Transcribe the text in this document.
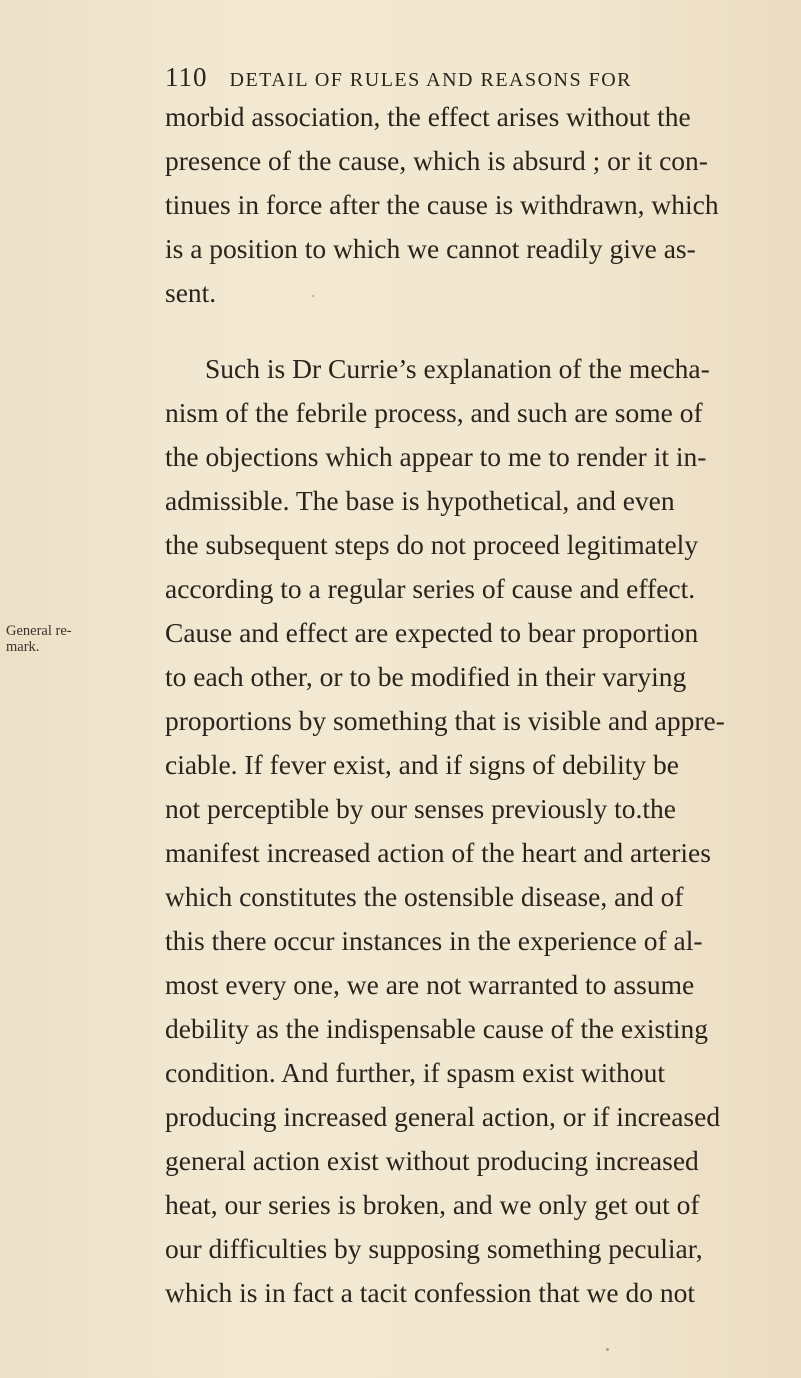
110 DETAIL OF RULES AND REASONS FOR
morbid association, the effect arises without the
presence of the cause, which is absurd ; or it con-
tinues in force after the cause is withdrawn, which
is a position to which we cannot readily give as-
sent.
Such is Dr Currie’s explanation of the mecha-
nism of the febrile process, and such are some of
the objections which appear to me to render it in-
admissible. The base is hypothetical, and even
the subsequent steps do not proceed legitimately
according to a regular series of cause and effect.
Cause and effect are expected to bear proportion
to each other, or to be modified in their varying
proportions by something that is visible and appre-
ciable. If fever exist, and if signs of debility be
not perceptible by our senses previously to.the
manifest increased action of the heart and arteries
which constitutes the ostensible disease, and of
this there occur instances in the experience of al-
most every one, we are not warranted to assume
debility as the indispensable cause of the existing
condition. And further, if spasm exist without
producing increased general action, or if increased
general action exist without producing increased
heat, our series is broken, and we only get out of
our difficulties by supposing something peculiar,
which is in fact a tacit confession that we do not
General re-
mark.
